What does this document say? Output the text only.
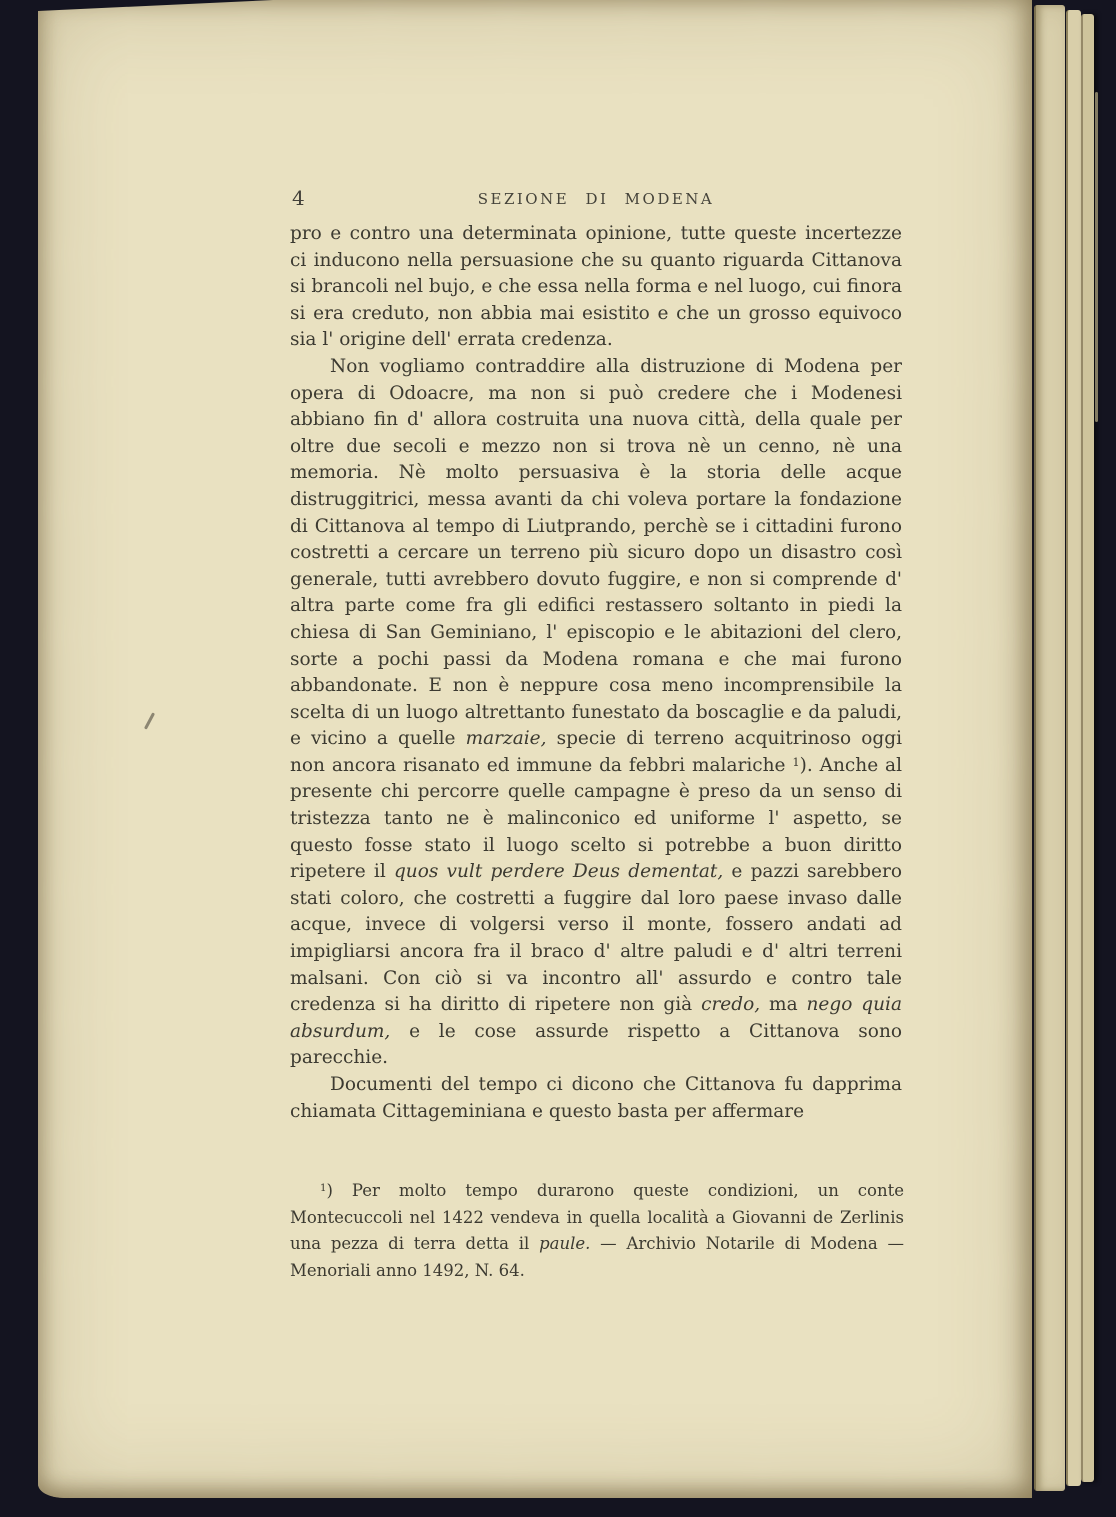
4	SEZIONE DI MODENA

pro e contro una determinata opinione, tutte queste incertezze ci inducono nella persuasione che su quanto riguarda Cittanova si brancoli nel bujo, e che essa nella forma e nel luogo, cui finora si era creduto, non abbia mai esistito e che un grosso equivoco sia l' origine dell' errata credenza.

Non vogliamo contraddire alla distruzione di Modena per opera di Odoacre, ma non si può credere che i Modenesi abbiano fin d' allora costruita una nuova città, della quale per oltre due secoli e mezzo non si trova nè un cenno, nè una memoria. Nè molto persuasiva è la storia delle acque distruggitrici, messa avanti da chi voleva portare la fondazione di Cittanova al tempo di Liutprando, perchè se i cittadini furono costretti a cercare un terreno più sicuro dopo un disastro così generale, tutti avrebbero dovuto fuggire, e non si comprende d' altra parte come fra gli edifici restassero soltanto in piedi la chiesa di San Geminiano, l' episcopio e le abitazioni del clero, sorte a pochi passi da Modena romana e che mai furono abbandonate. E non è neppure cosa meno incomprensibile la scelta di un luogo altrettanto funestato da boscaglie e da paludi, e vicino a quelle marzaie, specie di terreno acquitrinoso oggi non ancora risanato ed immune da febbri malariche $^1$). Anche al presente chi percorre quelle campagne è preso da un senso di tristezza tanto ne è malinconico ed uniforme l' aspetto, se questo fosse stato il luogo scelto si potrebbe a buon diritto ripetere il quos vult perdere Deus dementat, e pazzi sarebbero stati coloro, che costretti a fuggire dal loro paese invaso dalle acque, invece di volgersi verso il monte, fossero andati ad impigliarsi ancora fra il braco d' altre paludi e d' altri terreni malsani. Con ciò si va incontro all' assurdo e contro tale credenza si ha diritto di ripetere non già credo, ma nego quia absurdum, e le cose assurde rispetto a Cittanova sono parecchie.

Documenti del tempo ci dicono che Cittanova fu dapprima chiamata Cittageminiana e questo basta per affermare

$^1$) Per molto tempo durarono queste condizioni, un conte Montecuccoli nel 1422 vendeva in quella località a Giovanni de Zerlinis una pezza di terra detta il paule. — Archivio Notarile di Modena — Menoriali anno 1492, N. 64.
